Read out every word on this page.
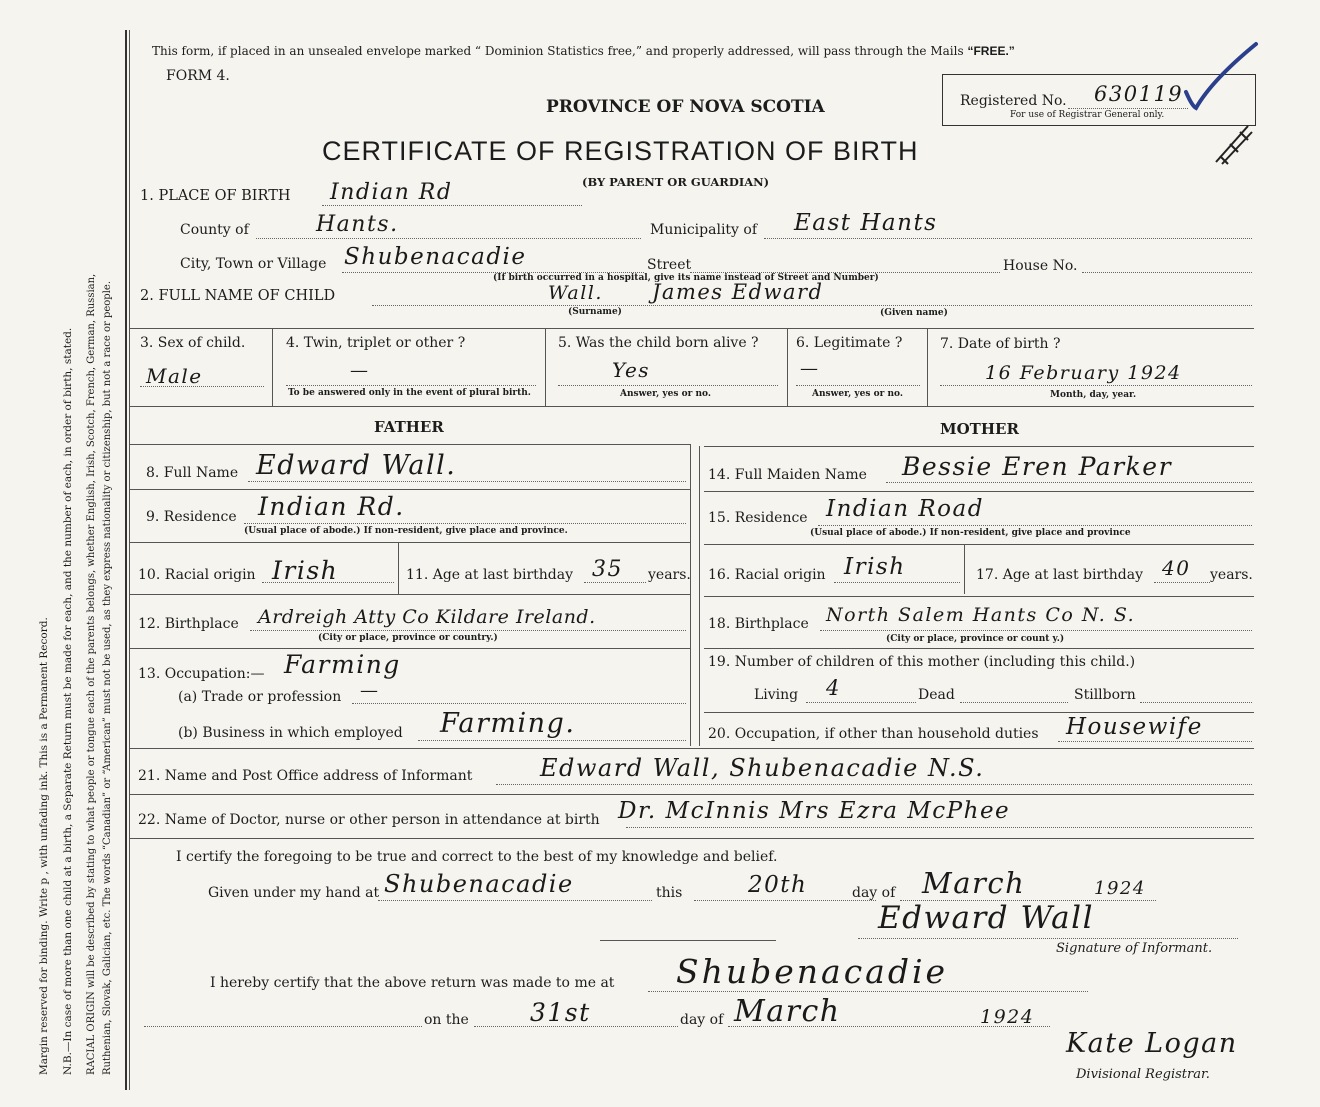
Margin reserved for binding. Write p , with unfading ink. This is a Permanent Record. N.B.—In case of more than one child at a birth, a Separate Return must be made for each, and the number of each, in order of birth, stated. RACIAL ORIGIN will be described by stating to what people or tongue each of the parents belongs, whether English, Irish, Scotch, French, German, Russian, Ruthenian, Slovak, Galician, etc. The words “Canadian” or “American” must not be used, as they express nationality or citizenship, but not a race or people.
This form, if placed in an unsealed envelope marked “ Dominion Statistics free,” and properly addressed, will pass through the Mails “FREE.”
FORM 4.
PROVINCE OF NOVA SCOTIA
CERTIFICATE OF REGISTRATION OF BIRTH
(BY PARENT OR GUARDIAN)
Registered No. 630119
For use of Registrar General only.
1. PLACE OF BIRTH Indian Rd
County of	Hants.	Municipality of East Hants
City, Town or Village Shubenacadie	Street	House No.
(If birth occurred in a hospital, give its name instead of Street and Number)
2. FULL NAME OF CHILD	Wall. James Edward
(Surname)	(Given name)
3. Sex of child.
Male
4. Twin, triplet or other ?
—
To be answered only in the event of plural birth.
5. Was the child born alive ?
Yes
Answer, yes or no.
6. Legitimate ?
—
Answer, yes or no.
7. Date of birth ?
16 February 1924
Month, day, year.
FATHER	MOTHER
8. Full Name Edward Wall.
9. Residence Indian Rd.
(Usual place of abode.) If non-resident, give place and province.
10. Racial origin Irish	11. Age at last birthday 35 years.
12. Birthplace Ardreigh Atty Co Kildare Ireland.
(City or place, province or country.)
13. Occupation:— Farming
(a) Trade or profession —
(b) Business in which employed Farming.
14. Full Maiden Name Bessie Eren Parker
15. Residence Indian Road
(Usual place of abode.) If non-resident, give place and province
16. Racial origin Irish	17. Age at last birthday 40 years.
18. Birthplace North Salem Hants Co N. S.
(City or place, province or count y.)
19. Number of children of this mother (including this child.)
Living 4	Dead	Stillborn
20. Occupation, if other than household duties Housewife
21. Name and Post Office address of Informant	Edward Wall, Shubenacadie N.S.
22. Name of Doctor, nurse or other person in attendance at birth Dr. McInnis Mrs Ezra McPhee
I certify the foregoing to be true and correct to the best of my knowledge and belief.
Given under my hand at Shubenacadie	this	20th	day of March	1924
Edward Wall
Signature of Informant.
I hereby certify that the above return was made to me at Shubenacadie
on the 31st	day of March	1924
Kate Logan
Divisional Registrar.
